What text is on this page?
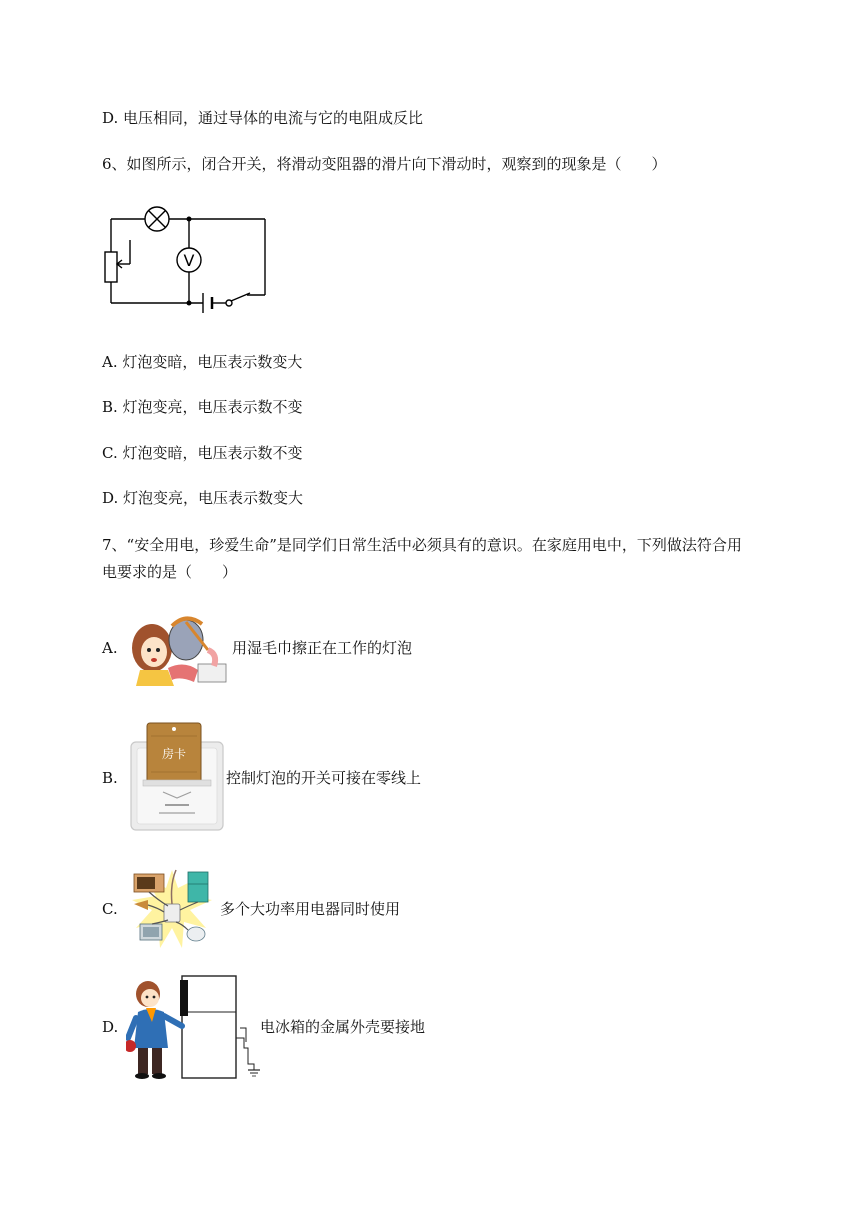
D. 电压相同，通过导体的电流与它的电阻成反比
6、如图所示，闭合开关，将滑动变阻器的滑片向下滑动时，观察到的现象是（　　）
V
A. 灯泡变暗，电压表示数变大
B. 灯泡变亮，电压表示数不变
C. 灯泡变暗，电压表示数不变
D. 灯泡变亮，电压表示数变大
7、“安全用电，珍爱生命”是同学们日常生活中必须具有的意识。在家庭用电中，下列做法符合用
电要求的是（　　）
A.	用湿毛巾擦正在工作的灯泡
B.
房卡
控制灯泡的开关可接在零线上
C.	多个大功率用电器同时使用
D.	电冰箱的金属外壳要接地
